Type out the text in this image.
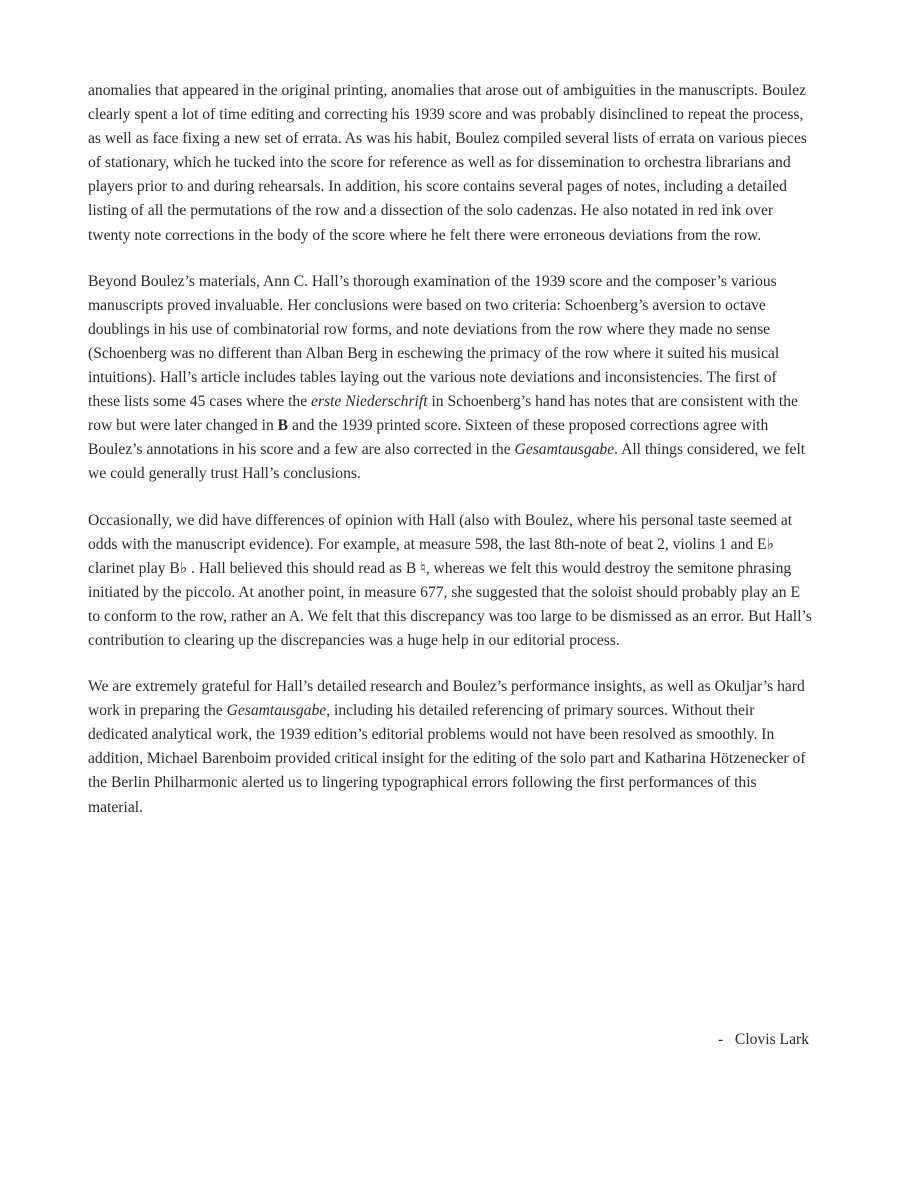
anomalies that appeared in the original printing, anomalies that arose out of ambiguities in the manuscripts. Boulez clearly spent a lot of time editing and correcting his 1939 score and was probably disinclined to repeat the process, as well as face fixing a new set of errata. As was his habit, Boulez compiled several lists of errata on various pieces of stationary, which he tucked into the score for reference as well as for dissemination to orchestra librarians and players prior to and during rehearsals. In addition, his score contains several pages of notes, including a detailed listing of all the permutations of the row and a dissection of the solo cadenzas. He also notated in red ink over twenty note corrections in the body of the score where he felt there were erroneous deviations from the row.

Beyond Boulez’s materials, Ann C. Hall’s thorough examination of the 1939 score and the composer’s various manuscripts proved invaluable. Her conclusions were based on two criteria: Schoenberg’s aversion to octave doublings in his use of combinatorial row forms, and note deviations from the row where they made no sense (Schoenberg was no different than Alban Berg in eschewing the primacy of the row where it suited his musical intuitions). Hall’s article includes tables laying out the various note deviations and inconsistencies. The first of these lists some 45 cases where the erste Niederschrift in Schoenberg’s hand has notes that are consistent with the row but were later changed in B and the 1939 printed score. Sixteen of these proposed corrections agree with Boulez’s annotations in his score and a few are also corrected in the Gesamtausgabe. All things considered, we felt we could generally trust Hall’s conclusions.

Occasionally, we did have differences of opinion with Hall (also with Boulez, where his personal taste seemed at odds with the manuscript evidence). For example, at measure 598, the last 8th-note of beat 2, violins 1 and E♭ clarinet play B♭ . Hall believed this should read as B ♮, whereas we felt this would destroy the semitone phrasing initiated by the piccolo. At another point, in measure 677, she suggested that the soloist should probably play an E to conform to the row, rather an A. We felt that this discrepancy was too large to be dismissed as an error. But Hall’s contribution to clearing up the discrepancies was a huge help in our editorial process.

We are extremely grateful for Hall’s detailed research and Boulez’s performance insights, as well as Okuljar’s hard work in preparing the Gesamtausgabe, including his detailed referencing of primary sources. Without their dedicated analytical work, the 1939 edition’s editorial problems would not have been resolved as smoothly. In addition, Michael Barenboim provided critical insight for the editing of the solo part and Katharina Hötzenecker of the Berlin Philharmonic alerted us to lingering typographical errors following the first performances of this material.

-   Clovis Lark
